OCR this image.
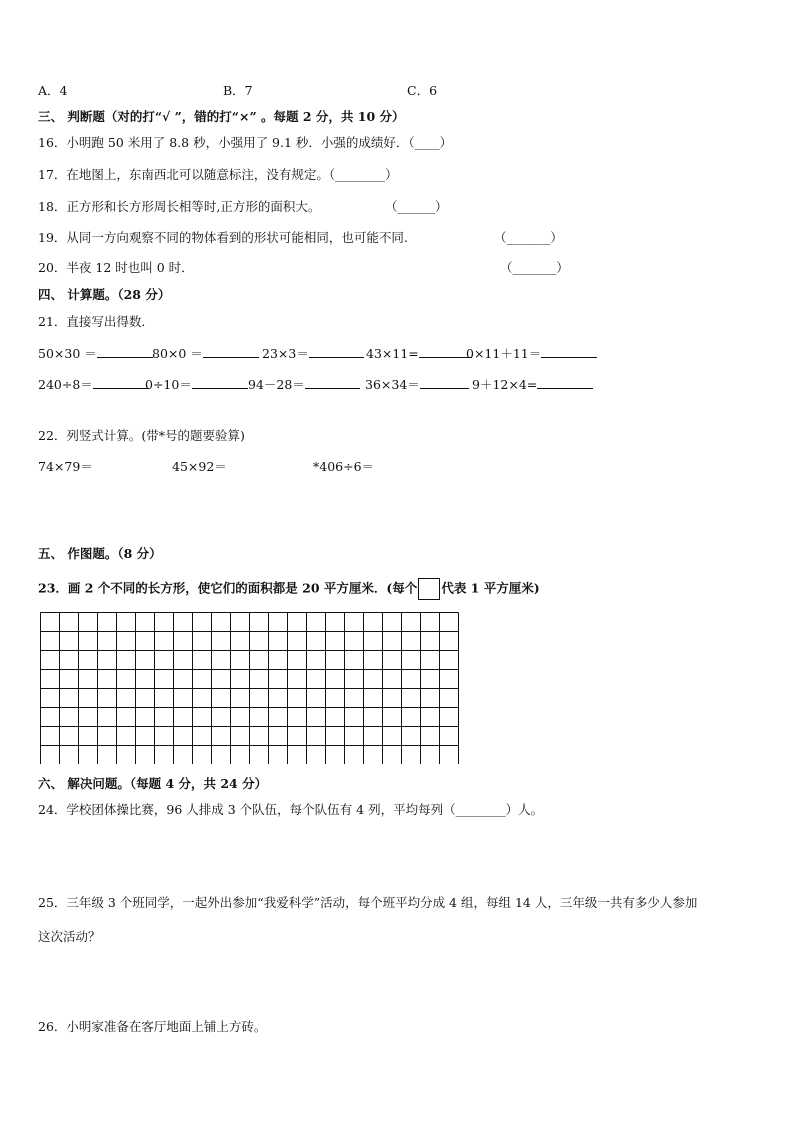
A．4	B．7	C．6
三、 判断题（对的打“√ ”，错的打“×” 。每题 2 分，共 10 分）
16．小明跑 50 米用了 8.8 秒，小强用了 9.1 秒．小强的成绩好．（____）
17．在地图上，东南西北可以随意标注，没有规定。（________）
18．正方形和长方形周长相等时,正方形的面积大。	（______）
19．从同一方向观察不同的物体看到的形状可能相同，也可能不同.	（_______）
20．半夜 12 时也叫 0 时．	（_______）
四、 计算题。（28 分）
21．直接写出得数．
50×30 ＝	80×0 ＝	23×3＝	43×11=	0×11＋11＝
240÷8＝	0÷10＝	94－28＝	36×34＝	9＋12×4=
22．列竖式计算。(带*号的题要验算)
74×79＝	45×92＝	*406÷6＝
五、 作图题。（8 分）
23．画 2 个不同的长方形，使它们的面积都是 20 平方厘米．(每个 代表 1 平方厘米)
六、 解决问题。（每题 4 分，共 24 分）
24．学校团体操比赛，96 人排成 3 个队伍，每个队伍有 4 列，平均每列（________）人。
25．三年级 3 个班同学，一起外出参加“我爱科学”活动，每个班平均分成 4 组，每组 14 人，三年级一共有多少人参加
这次活动？
26．小明家准备在客厅地面上铺上方砖。
